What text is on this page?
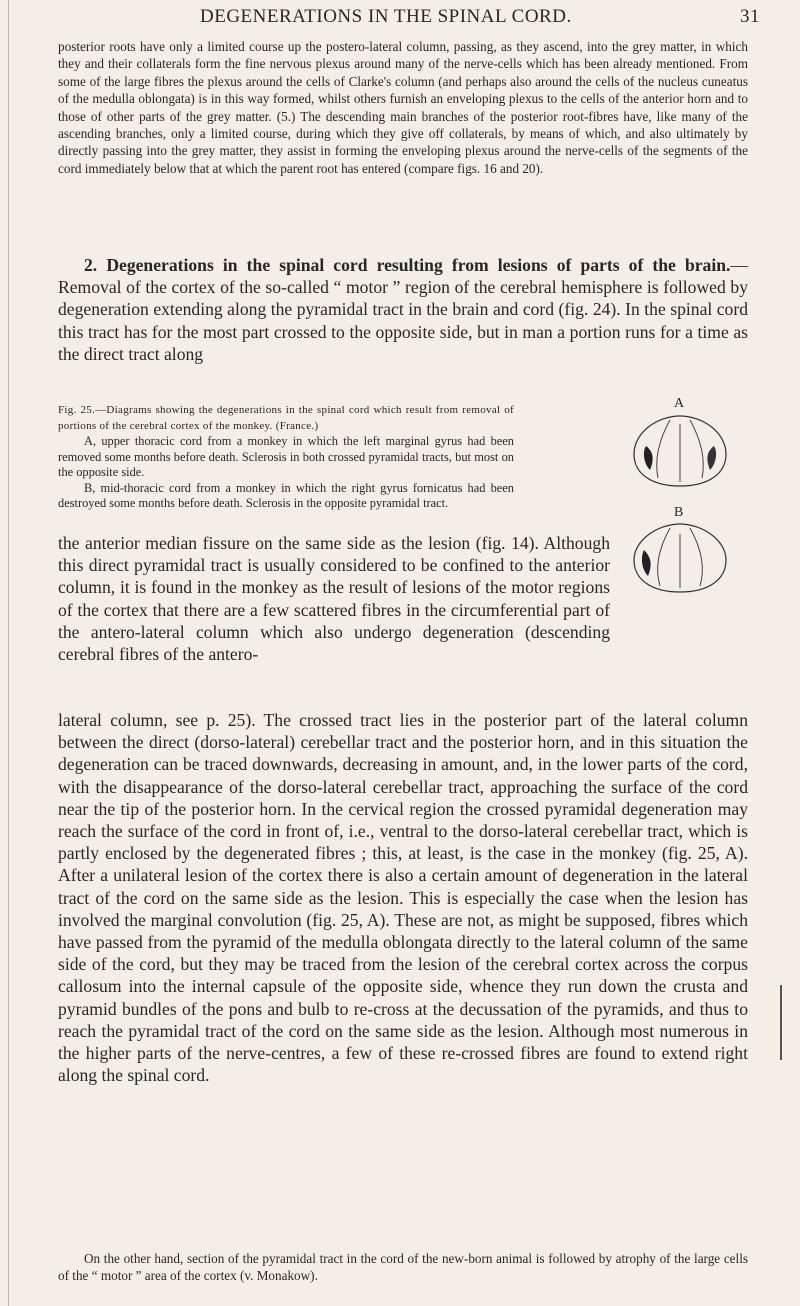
DEGENERATIONS IN THE SPINAL CORD.	31
posterior roots have only a limited course up the postero-lateral column, passing, as they ascend, into the grey matter, in which they and their collaterals form the fine nervous plexus around many of the nerve-cells which has been already mentioned. From some of the large fibres the plexus around the cells of Clarke's column (and perhaps also around the cells of the nucleus cuneatus of the medulla oblongata) is in this way formed, whilst others furnish an enveloping plexus to the cells of the anterior horn and to those of other parts of the grey matter. (5.) The descending main branches of the posterior root-fibres have, like many of the ascending branches, only a limited course, during which they give off collaterals, by means of which, and also ultimately by directly passing into the grey matter, they assist in forming the enveloping plexus around the nerve-cells of the segments of the cord immediately below that at which the parent root has entered (compare figs. 16 and 20).
2. Degenerations in the spinal cord resulting from lesions of parts of the brain.—Removal of the cortex of the so-called “ motor ” region of the cerebral hemisphere is followed by degeneration extending along the pyramidal tract in the brain and cord (fig. 24). In the spinal cord this tract has for the most part crossed to the opposite side, but in man a portion runs for a time as the direct tract along
Fig. 25.—Diagrams showing the degenerations in the spinal cord which result from removal of portions of the cerebral cortex of the monkey. (France.)

A, upper thoracic cord from a monkey in which the left marginal gyrus had been removed some months before death. Sclerosis in both crossed pyramidal tracts, but most on the opposite side.

B, mid-thoracic cord from a monkey in which the right gyrus fornicatus had been destroyed some months before death. Sclerosis in the opposite pyramidal tract.

A
B
the anterior median fissure on the same side as the lesion (fig. 14). Although this direct pyramidal tract is usually considered to be confined to the anterior column, it is found in the monkey as the result of lesions of the motor regions of the cortex that there are a few scattered fibres in the circumferential part of the antero-lateral column which also undergo degeneration (descending cerebral fibres of the antero-
lateral column, see p. 25). The crossed tract lies in the posterior part of the lateral column between the direct (dorso-lateral) cerebellar tract and the posterior horn, and in this situation the degeneration can be traced downwards, decreasing in amount, and, in the lower parts of the cord, with the disappearance of the dorso-lateral cerebellar tract, approaching the surface of the cord near the tip of the posterior horn. In the cervical region the crossed pyramidal degeneration may reach the surface of the cord in front of, i.e., ventral to the dorso-lateral cerebellar tract, which is partly enclosed by the degenerated fibres ; this, at least, is the case in the monkey (fig. 25, A). After a unilateral lesion of the cortex there is also a certain amount of degeneration in the lateral tract of the cord on the same side as the lesion. This is especially the case when the lesion has involved the marginal convolution (fig. 25, A). These are not, as might be supposed, fibres which have passed from the pyramid of the medulla oblongata directly to the lateral column of the same side of the cord, but they may be traced from the lesion of the cerebral cortex across the corpus callosum into the internal capsule of the opposite side, whence they run down the crusta and pyramid bundles of the pons and bulb to re-cross at the decussation of the pyramids, and thus to reach the pyramidal tract of the cord on the same side as the lesion. Although most numerous in the higher parts of the nerve-centres, a few of these re-crossed fibres are found to extend right along the spinal cord.
On the other hand, section of the pyramidal tract in the cord of the new-born animal is followed by atrophy of the large cells of the “ motor ” area of the cortex (v. Monakow).
